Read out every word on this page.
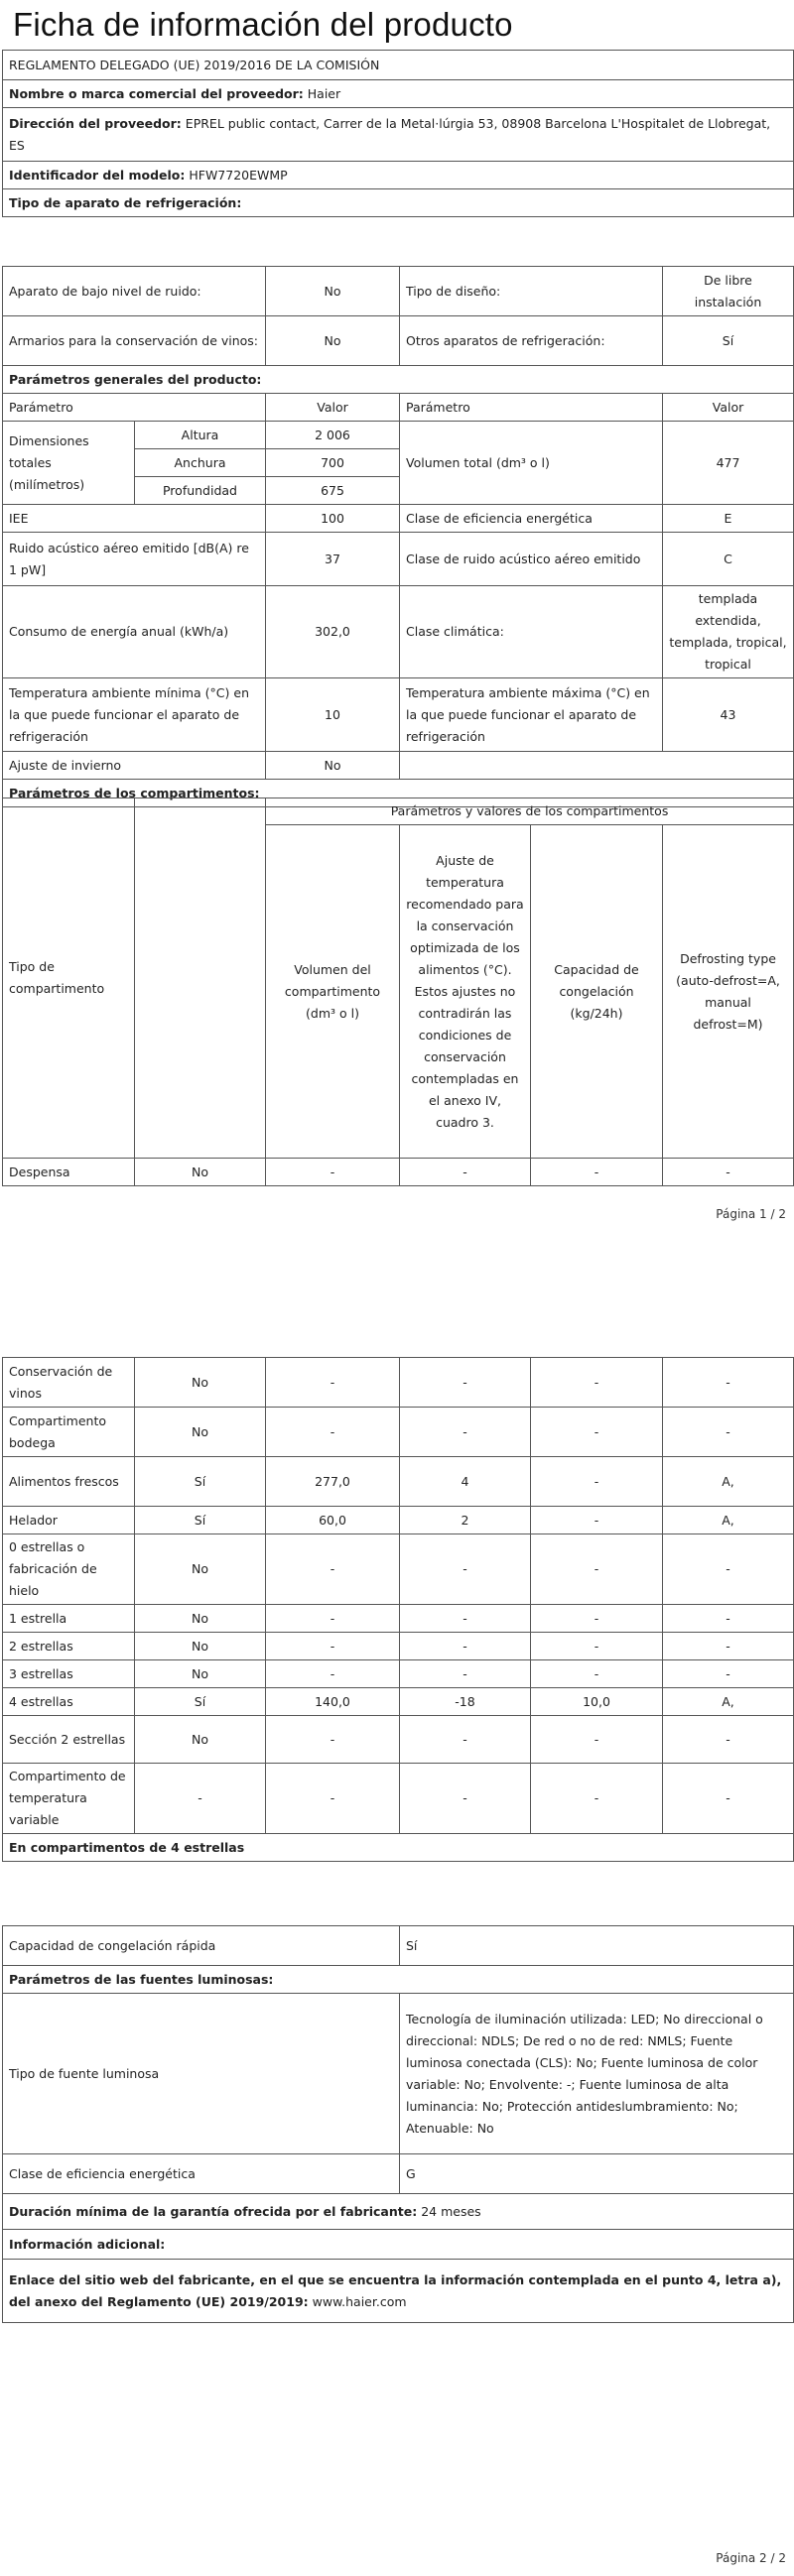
Ficha de información del producto
REGLAMENTO DELEGADO (UE) 2019/2016 DE LA COMISIÓN
Nombre o marca comercial del proveedor: Haier
Dirección del proveedor: EPREL public contact, Carrer de la Metal·lúrgia 53, 08908 Barcelona L'Hospitalet de Llobregat, ES
Identificador del modelo: HFW7720EWMP
Tipo de aparato de refrigeración:
Aparato de bajo nivel de ruido:	No	Tipo de diseño:	De libre instalación
Armarios para la conservación de vinos:	No	Otros aparatos de refrigeración:	Sí
Parámetros generales del producto:			
Parámetro		Valor	Parámetro	Valor
Dimensiones totales (milímetros)	Altura	2 006	Volumen total (dm³ o l)	477
	Anchura	700		
	Profundidad	675		
IEE		100	Clase de eficiencia energética	E
Ruido acústico aéreo emitido [dB(A) re 1 pW]		37	Clase de ruido acústico aéreo emitido	C
Consumo de energía anual (kWh/a)		302,0	Clase climática:	templada extendida, templada, tropical, tropical
Temperatura ambiente mínima (°C) en la que puede funcionar el aparato de refrigeración		10	Temperatura ambiente máxima (°C) en la que puede funcionar el aparato de refrigeración	43
Ajuste de invierno		No		
Parámetros de los compartimentos:				
Tipo de compartimento		Parámetros y valores de los compartimentos			
		Volumen del compartimento (dm³ o l)	Ajuste de temperatura recomendado para la conservación optimizada de los alimentos (°C). Estos ajustes no contradirán las condiciones de conservación contempladas en el anexo IV, cuadro 3.	Capacidad de congelación (kg/24h)	Defrosting type (auto-defrost=A, manual defrost=M)
Despensa	No	-	-	-	-
Página 1 / 2
Conservación de vinos	No	-	-	-	-
Compartimento bodega	No	-	-	-	-
Alimentos frescos	Sí	277,0	4	-	A,
Helador	Sí	60,0	2	-	A,
0 estrellas o fabricación de hielo	No	-	-	-	-
1 estrella	No	-	-	-	-
2 estrellas	No	-	-	-	-
3 estrellas	No	-	-	-	-
4 estrellas	Sí	140,0	-18	10,0	A,
Sección 2 estrellas	No	-	-	-	-
Compartimento de temperatura variable	-	-	-	-	-
En compartimentos de 4 estrellas					
Capacidad de congelación rápida	Sí
Parámetros de las fuentes luminosas:	
Tipo de fuente luminosa	Tecnología de iluminación utilizada: LED; No direccional o direccional: NDLS; De red o no de red: NMLS; Fuente luminosa conectada (CLS): No; Fuente luminosa de color variable: No; Envolvente: -; Fuente luminosa de alta luminancia: No; Protección antideslumbramiento: No; Atenuable: No
Clase de eficiencia energética	G
Duración mínima de la garantía ofrecida por el fabricante: 24 meses	
Información adicional:	
Enlace del sitio web del fabricante, en el que se encuentra la información contemplada en el punto 4, letra a), del anexo del Reglamento (UE) 2019/2019: www.haier.com	
Página 2 / 2
